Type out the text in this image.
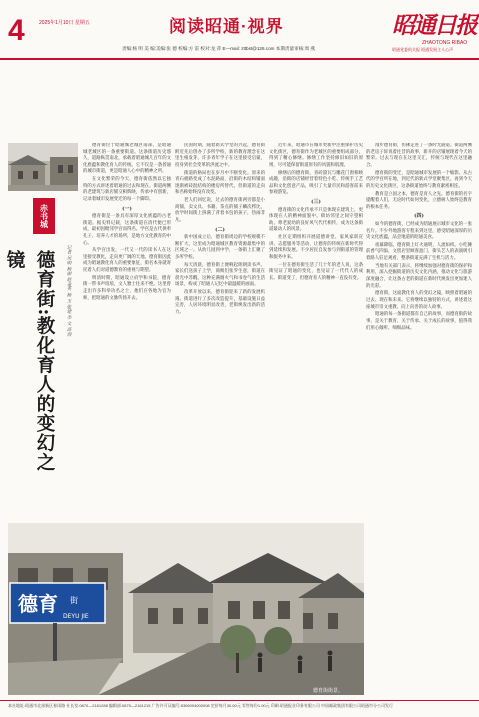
4	2025年1月10日 星期五	阅读昭通·视界
责编:杨 明 美 编:美编:张 德 校编:方 雷 校对:龙 萍 E—mail: zttbst@126.com 本期责量审核:周 燕
昭通日报
ZHAOTONG RIBAO
昭通党委机关报 昭通发展主人心声
赤书城
德育街:教化育人的变幻之镜	记者 吴明 杨丽 赵金英 杨 玉 张建 李 文 高剑

德育街位于昭通城老城区南部，是昭通城老城区的一条重要街道。这条街道历史悠久，道路纵贯南北，承载着昭通城几百年的文化底蕴和教化育人的传统。它不仅是一条普通的城市街道，更是昭通人心中的精神之所。

在文化繁荣的今天，德育街依然以它独特的方式讲述着昭通的过去和现在。街道两侧的老建筑与新店铺交相辉映，传承中有创新，记录着城市发展变迁的每一个脚印。

(一)

德育街是一条具有深厚文化底蕴的古老街道。据史料记载，这条街道在清代便已形成，最初因毗邻学宫而得名。学宫是古代供奉孔子、培养人才的场所，是地方文化教育的中心。

从学宫出发，一代又一代的读书人在这里接受教化，走向更广阔的天地。德育街因此成为昭通教化育人的重要象征，街名本身就寄托着人们对道德教育的重视与期望。

明清时期，昭通设立府学和书院，德育街一带书声琅琅，文人雅士往来不绝。这里曾走出许多科举功名之士，他们在各地为官为师，把昭通的文脉传扬开去。

民国时期，随着新式学堂的兴起，德育街附近先后创办了多所学校，新的教育理念在这里生根发芽。许多青年学子在这里接受启蒙，投身到社会变革的洪流之中。

街道的格局也在岁月中不断变化。原来的青石板路变成了水泥路面，沿街的木结构铺面逐渐被砖混结构的楼房所替代，但街道的走向和名称始终没有改变。

老人们回忆说，过去的德育街两旁都是小商铺，卖文具、书籍、茶点的铺子鳞次栉比，放学时间街上挤满了背着书包的孩子，热闹非凡。

(二)

新中国成立后，德育街周边的学校规模不断扩大，这里成为昭通城区教育资源最集中的区域之一。从幼儿园到中学，一条街上汇聚了多所学校。

每天清晨，德育街上便响起朗朗读书声。家长们送孩子上学，商贩们张罗生意，街道在晨光中苏醒。这种充满烟火气和书卷气的生活场景，构成了昭通人记忆中最温暖的画面。

改革开放以来，德育街迎来了新的发展机遇。街道进行了多次改造提升，基础设施日益完善，人居环境明显改善，老街焕发出新的活力。

近年来，昭通市在城市更新中注重保护历史文化街区，德育街作为老城区的重要组成部分，得到了精心修缮。修缮工作坚持修旧如旧的原则，尽可能保留街道原有的风貌和肌理。

修缮后的德育街，青砖黛瓦与雕花门窗相映成趣，沿街的店铺经营着特色小吃、传统手工艺品和文化创意产品，吸引了大量市民和游客前来参观游览。

(三)

德育街的文化传承不只是体现在建筑上，更体现在人的精神面貌中。街坊邻里之间守望相助、尊老爱幼的良好风气代代相传，成为这条街道最动人的风景。

社区定期组织开展道德讲堂、家风家训宣讲、志愿服务等活动，让德育的传统在新时代得到延续和发展。不少居民自发参与到街道的管理和服务中来。

一位在德育街生活了几十年的老人说，这条街见证了昭通的变化，也见证了一代代人的成长。街道变了，但德育育人的精神一直没有变。

漫步德育街，仿佛走进了一条时光隧道。街道两侧的老房子诉说着往昔的故事，新开的店铺展现着今天的繁荣。过去与现在在这里交汇，传统与现代在这里融合。

德育街的变迁，是昭通城市发展的一个缩影。从古代的学宫所在地，到近代的新式学堂聚集区，再到今天的历史文化街区，这条街道始终与教育紧密相连。

教育是立国之本，德育是育人之先。德育街的名字提醒着人们，无论时代如何变化，立德树人始终是教育的根本任务。

(四)

如今的德育街，已经成为昭通展示城市文化的一张名片。不少外地游客专程来到这里，感受昭通深厚的历史文化底蕴，品尝地道的昭通美食。

夜幕降临，德育街上灯火通明，人流如织。小吃摊前香气四溢，文创店里顾客盈门，街头艺人的表演吸引着路人驻足观看，整条街道充满了生机与活力。

当地有关部门表示，将继续加强对德育街的保护和利用，深入挖掘街道的历史文化内涵，推动文化与旅游深度融合，让这条古老的街道在新时代焕发出更加迷人的光彩。

德育街，这面教化育人的变幻之镜，映照着昭通的过去、现在和未来。它将继续以独特的方式，讲述着这座城市崇文重教、向上向善的动人故事。

昭通的每一条街道都有自己的故事，而德育街的故事，是关于教育、关于传承、关于成长的故事，值得我们用心倾听、细细品味。

德育 街
DEYU JIE
德育街街景。
本社地址:昭通市北部新区春雨路 社长室:0870—2161288 编辑部:0870—2161215 广告许可证编号:5306004000008 定价每月30.00元 零售每份1.00元 印刷:昭通报业印务有限公司 中国邮政集团有限公司昭通市分公司发行
